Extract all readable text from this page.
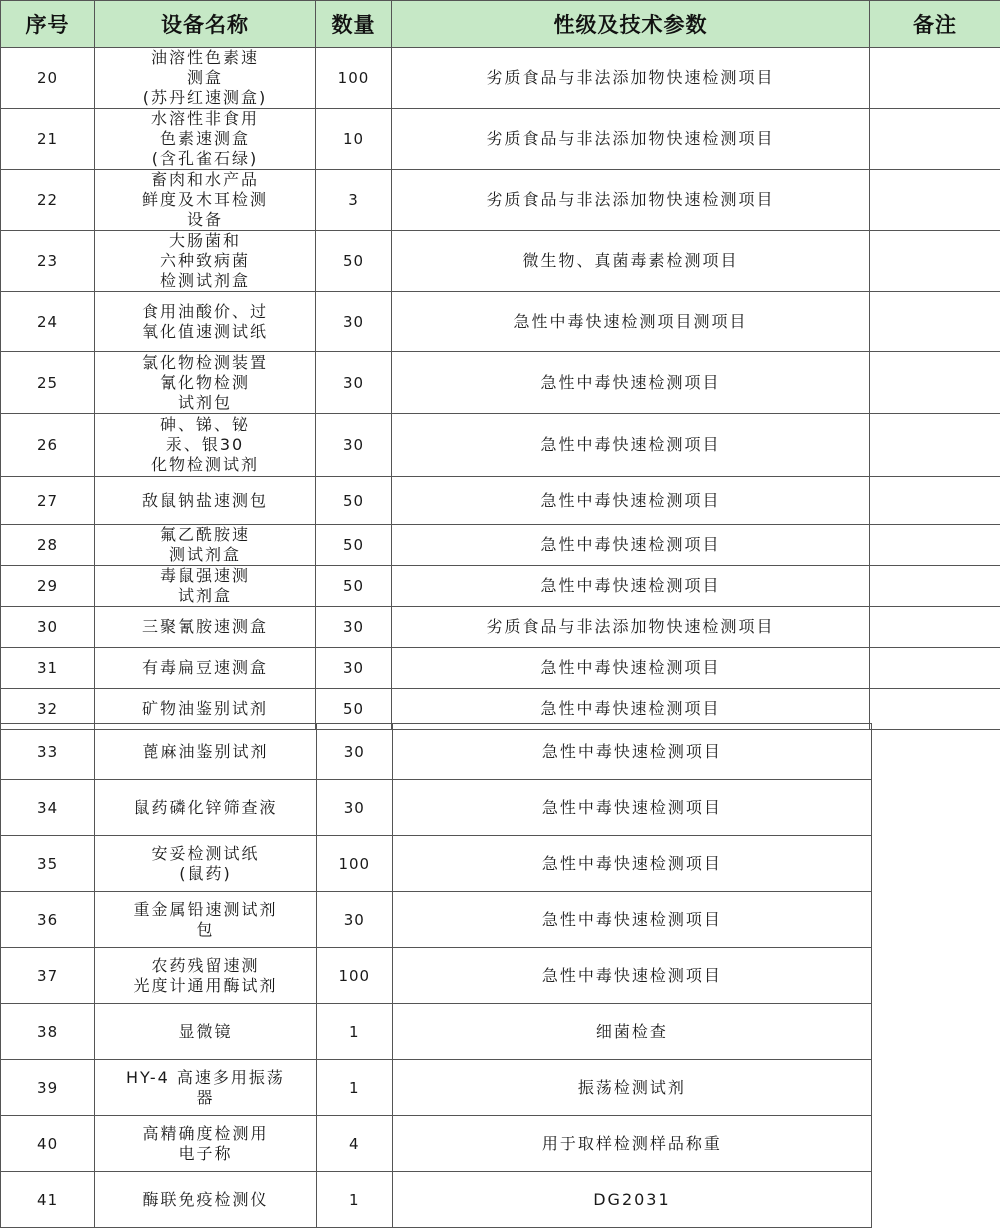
序号	设备名称	数量	性级及技术参数	备注
20	油溶性色素速
测盒
(苏丹红速测盒)	100	劣质食品与非法添加物快速检测项目	
21	水溶性非食用
色素速测盒
(含孔雀石绿)	10	劣质食品与非法添加物快速检测项目	
22	畜肉和水产品
鲜度及木耳检测
设备	3	劣质食品与非法添加物快速检测项目	
23	大肠菌和
六种致病菌
检测试剂盒	50	微生物、真菌毒素检测项目	
24	食用油酸价、过
氧化值速测试纸	30	急性中毒快速检测项目测项目	
25	氯化物检测装置
氰化物检测
试剂包	30	急性中毒快速检测项目	
26	砷、锑、铋
汞、银30
化物检测试剂	30	急性中毒快速检测项目	
27	敌鼠钠盐速测包	50	急性中毒快速检测项目	
28	氟乙酰胺速
测试剂盒	50	急性中毒快速检测项目	
29	毒鼠强速测
试剂盒	50	急性中毒快速检测项目	
30	三聚氰胺速测盒	30	劣质食品与非法添加物快速检测项目	
31	有毒扁豆速测盒	30	急性中毒快速检测项目	
32	矿物油鉴别试剂	50	急性中毒快速检测项目	
33	蓖麻油鉴别试剂	30	急性中毒快速检测项目
34	鼠药磷化锌筛查液	30	急性中毒快速检测项目
35	安妥检测试纸
(鼠药)	100	急性中毒快速检测项目
36	重金属铅速测试剂
包	30	急性中毒快速检测项目
37	农药残留速测
光度计通用酶试剂	100	急性中毒快速检测项目
38	显微镜	1	细菌检查
39	HY-4 高速多用振荡
器	1	振荡检测试剂
40	高精确度检测用
电子称	4	用于取样检测样品称重
41	酶联免疫检测仪	1	DG2031
